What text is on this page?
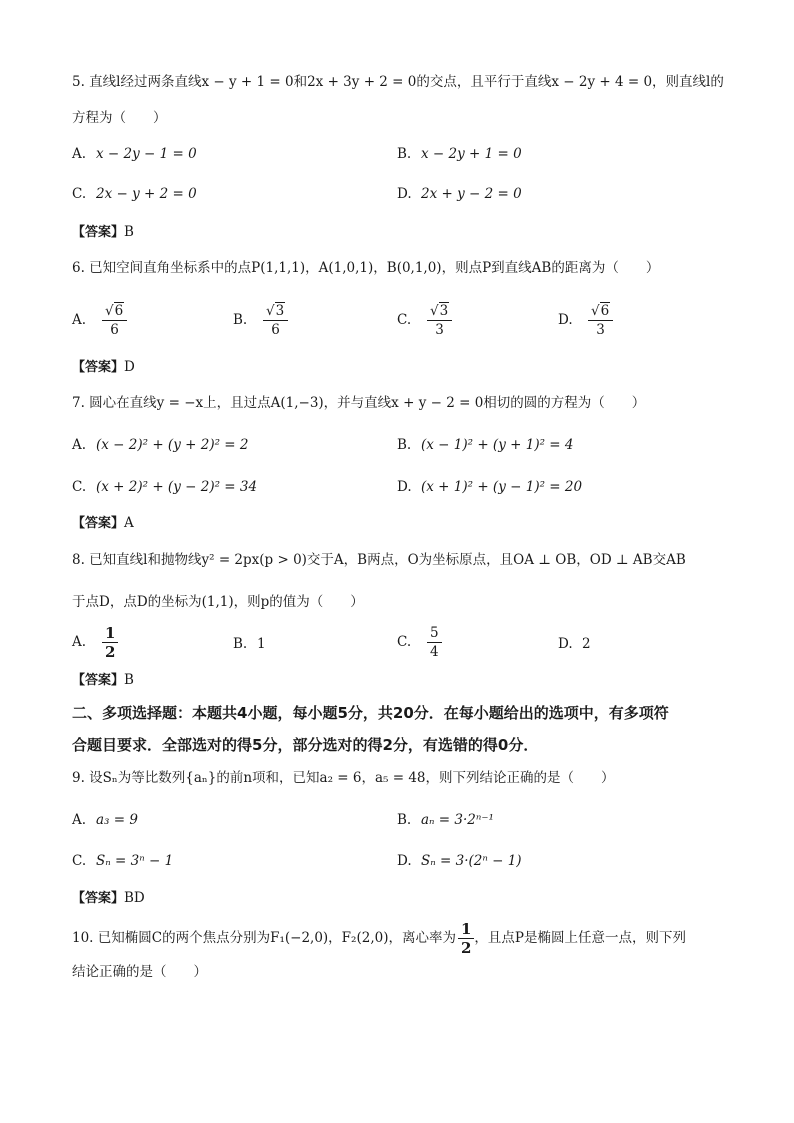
5. 直线l经过两条直线x − y + 1 = 0和2x + 3y + 2 = 0的交点，且平行于直线x − 2y + 4 = 0，则直线l的
方程为（　　）
A. x − 2y − 1 = 0	B. x − 2y + 1 = 0
C. 2x − y + 2 = 0	D. 2x + y − 2 = 0
【答案】B
6. 已知空间直角坐标系中的点P(1,1,1)，A(1,0,1)，B(0,1,0)，则点P到直线AB的距离为（　　）
A. $\frac{√6}{6}$	B. $\frac{√3}{6}$	C. $\frac{√3}{3}$	D. $\frac{√6}{3}$
【答案】D
7. 圆心在直线y = −x上，且过点A(1,−3)，并与直线x + y − 2 = 0相切的圆的方程为（　　）
A. (x − 2)² + (y + 2)² = 2	B. (x − 1)² + (y + 1)² = 4
C. (x + 2)² + (y − 2)² = 34	D. (x + 1)² + (y − 1)² = 20
【答案】A
8. 已知直线l和抛物线y² = 2px(p > 0)交于A，B两点，O为坐标原点，且OA ⊥ OB，OD ⊥ AB交AB
于点D，点D的坐标为(1,1)，则p的值为（　　）
A. $\frac{1}{2}$	B. 1	C. $\frac{5}{4}$	D. 2
【答案】B
二、多项选择题：本题共4小题，每小题5分，共20分．在每小题给出的选项中，有多项符
合题目要求．全部选对的得5分，部分选对的得2分，有选错的得0分．
9. 设Sₙ为等比数列{aₙ}的前n项和，已知a₂ = 6，a₅ = 48，则下列结论正确的是（　　）
A. a₃ = 9	B. aₙ = 3·2ⁿ⁻¹
C. Sₙ = 3ⁿ − 1	D. Sₙ = 3·(2ⁿ − 1)
【答案】BD
10. 已知椭圆C的两个焦点分别为F₁(−2,0)，F₂(2,0)，离心率为 $\frac{1}{2}$ ，且点P是椭圆上任意一点，则下列
结论正确的是（　　）
